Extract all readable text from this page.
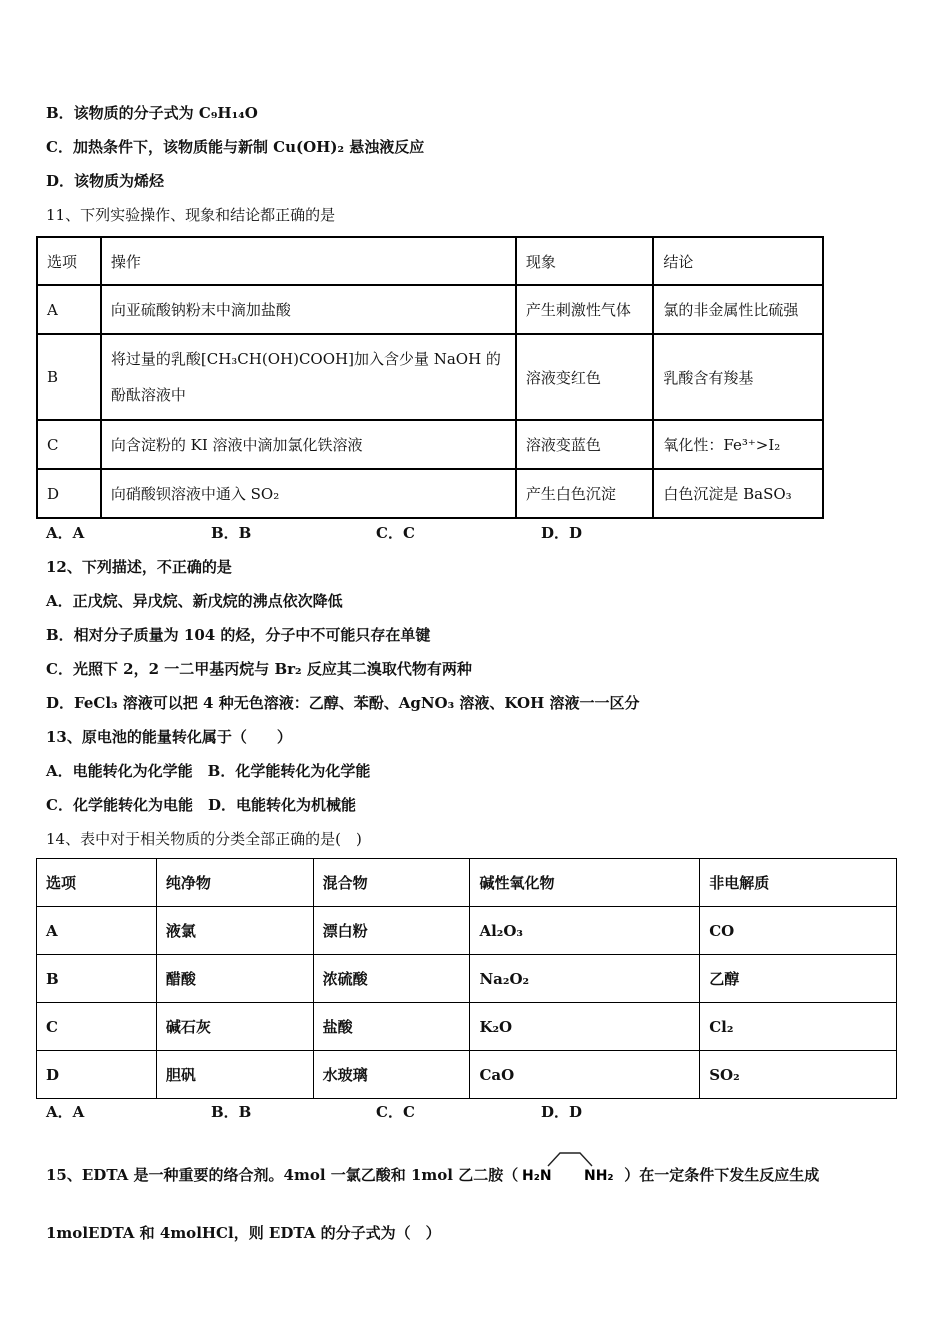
B．该物质的分子式为 C₉H₁₄O
C．加热条件下，该物质能与新制 Cu(OH)₂ 悬浊液反应
D．该物质为烯烃
11、下列实验操作、现象和结论都正确的是
选项	操作	现象	结论
A	向亚硫酸钠粉末中滴加盐酸	产生刺激性气体	氯的非金属性比硫强
B	将过量的乳酸[CH₃CH(OH)COOH]加入含少量 NaOH 的酚酞溶液中	溶液变红色	乳酸含有羧基
C	向含淀粉的 KI 溶液中滴加氯化铁溶液	溶液变蓝色	氧化性：Fe³⁺>I₂
D	向硝酸钡溶液中通入 SO₂	产生白色沉淀	白色沉淀是 BaSO₃
A．A	B．B	C．C	D．D
12、下列描述，不正确的是
A．正戊烷、异戊烷、新戊烷的沸点依次降低
B．相对分子质量为 104 的烃，分子中不可能只存在单键
C．光照下 2，2 一二甲基丙烷与 Br₂ 反应其二溴取代物有两种
D．FeCl₃ 溶液可以把 4 种无色溶液：乙醇、苯酚、AgNO₃ 溶液、KOH 溶液一一区分
13、原电池的能量转化属于（　　）
A．电能转化为化学能　B．化学能转化为化学能
C．化学能转化为电能　D．电能转化为机械能
14、表中对于相关物质的分类全部正确的是(　)
选项	纯净物	混合物	碱性氧化物	非电解质
A	液氯	漂白粉	Al₂O₃	CO
B	醋酸	浓硫酸	Na₂O₂	乙醇
C	碱石灰	盐酸	K₂O	Cl₂
D	胆矾	水玻璃	CaO	SO₂
A．A	B．B	C．C	D．D
15、EDTA 是一种重要的络合剂。4mol 一氯乙酸和 1mol 乙二胺（ H₂N NH₂ ）在一定条件下发生反应生成
1molEDTA 和 4molHCl，则 EDTA 的分子式为（　）
